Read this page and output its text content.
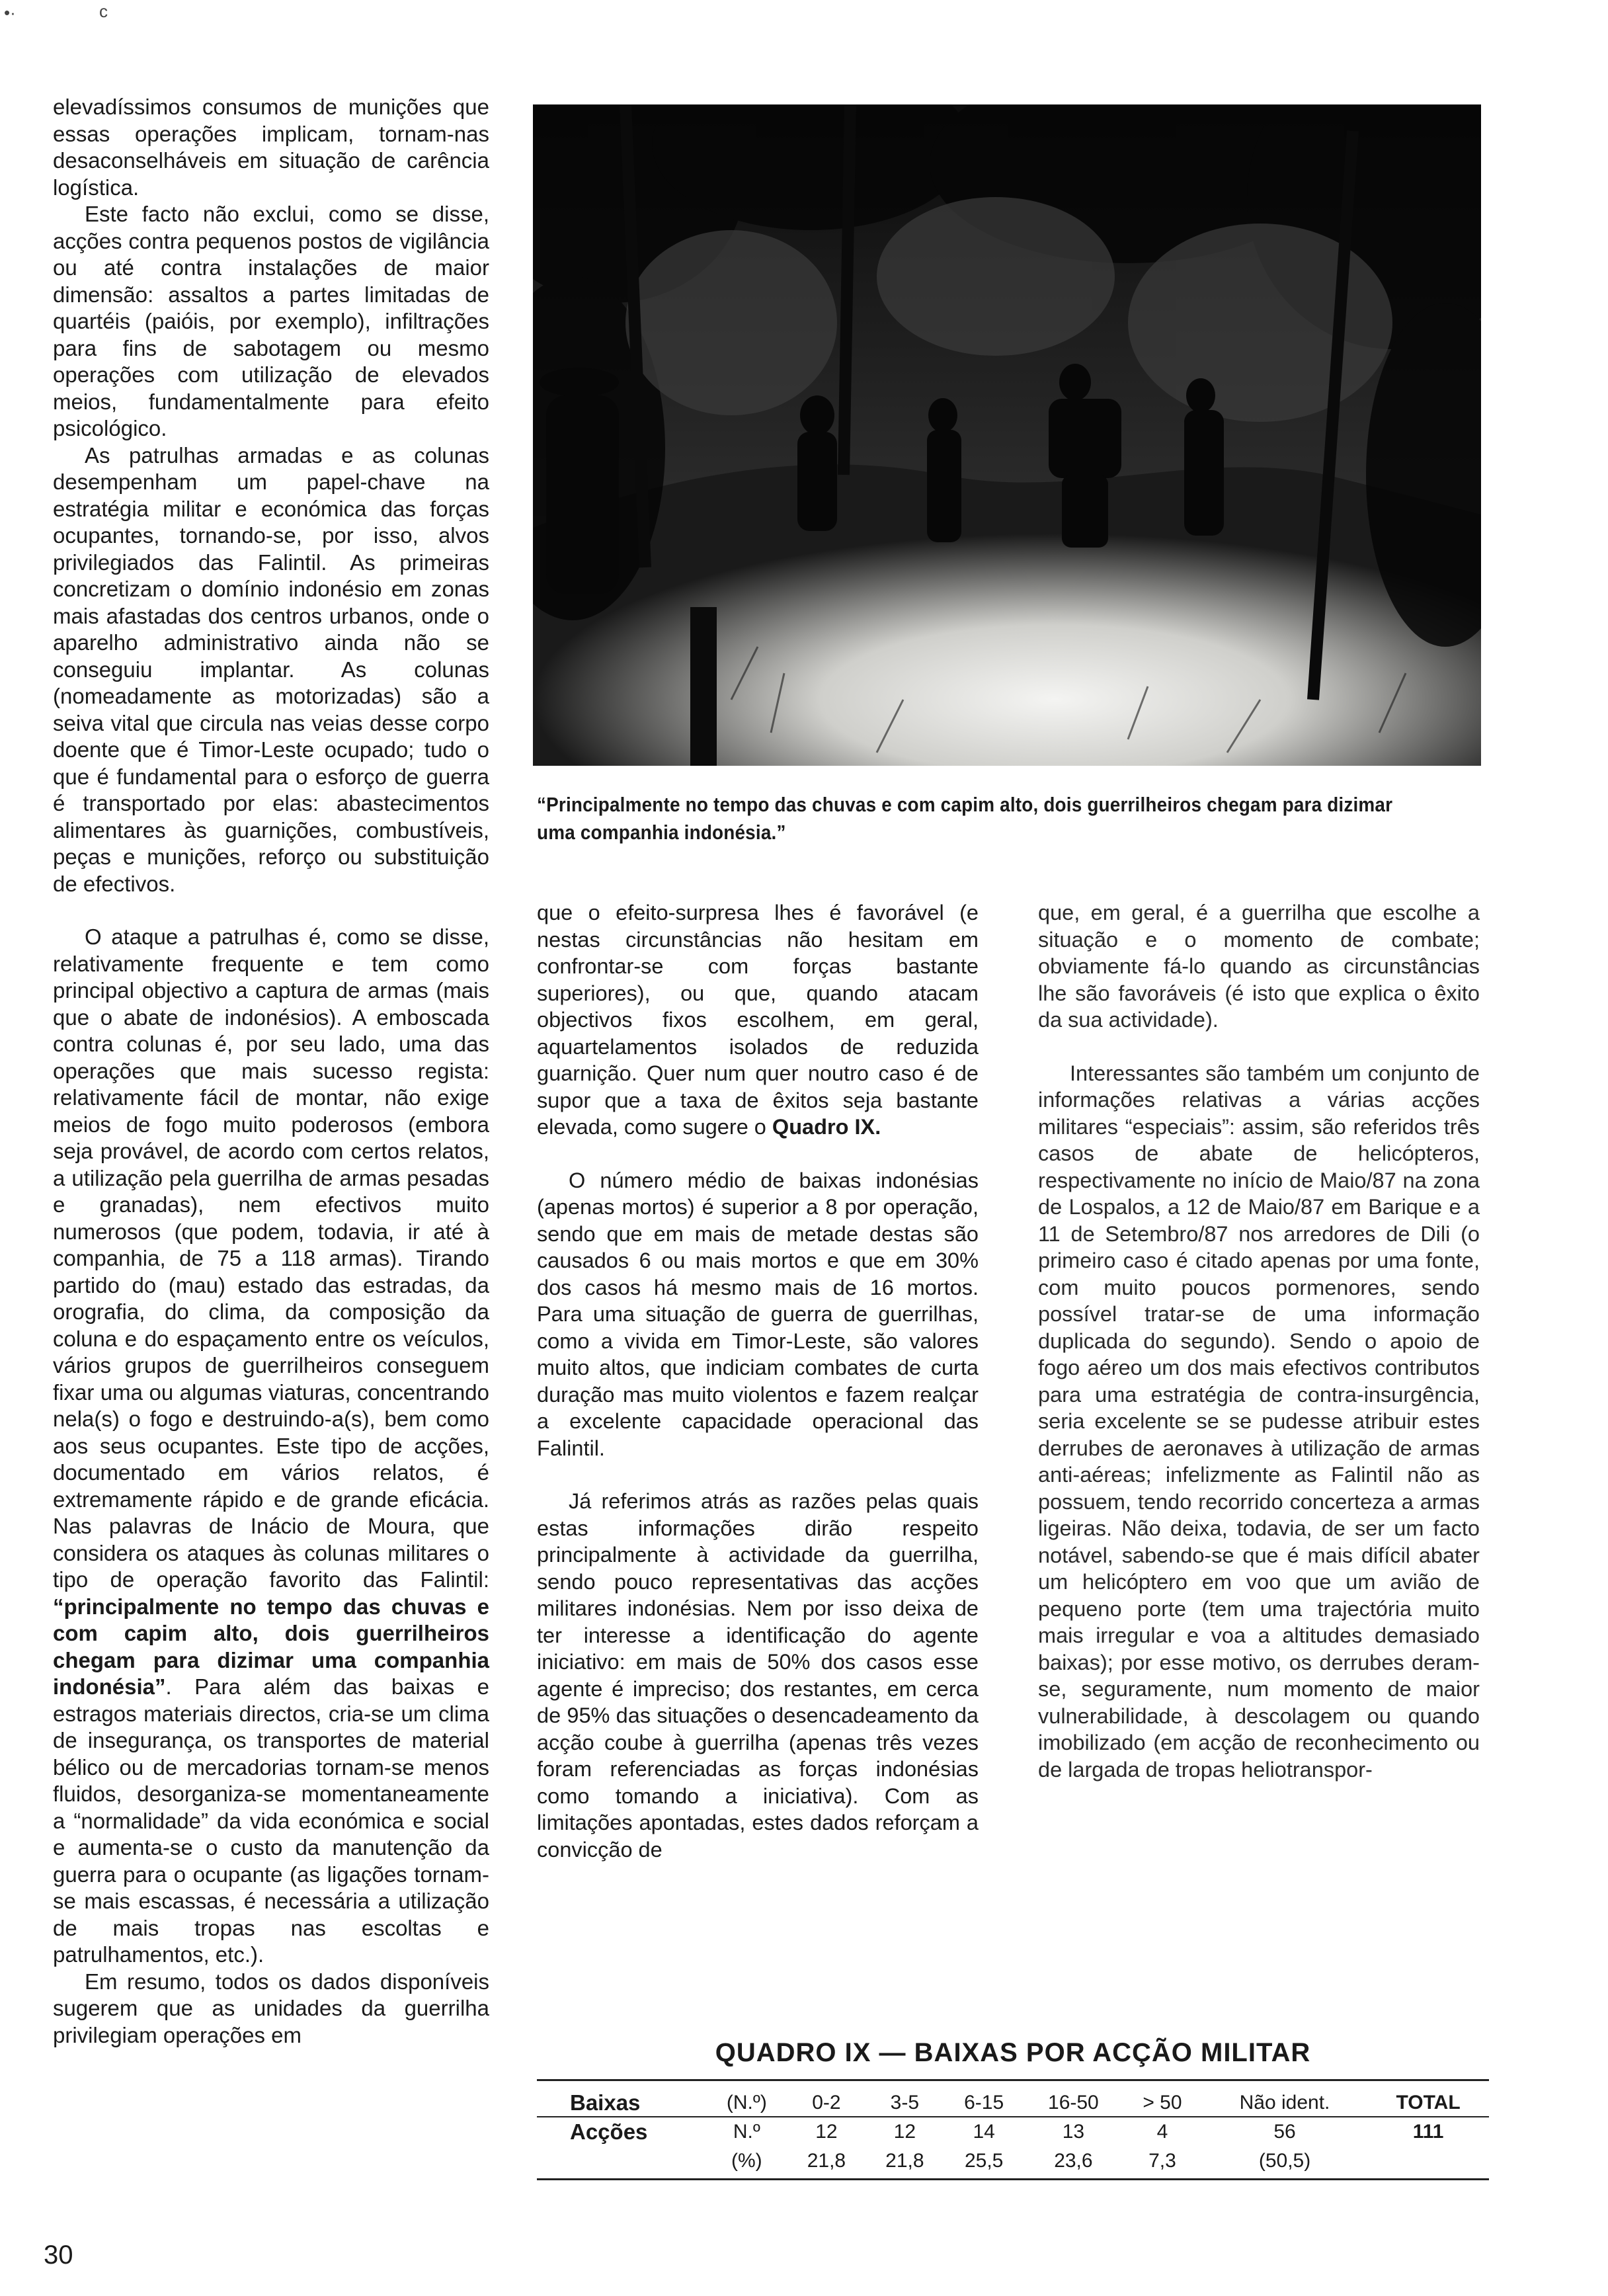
•·	c

elevadíssimos consumos de munições que essas operações implicam, tornam-nas desaconselháveis em situação de carência logística.

Este facto não exclui, como se disse, acções contra pequenos postos de vigilância ou até contra instalações de maior dimensão: assaltos a partes limitadas de quartéis (paióis, por exemplo), infiltrações para fins de sabotagem ou mesmo operações com utilização de elevados meios, fundamentalmente para efeito psicológico.

As patrulhas armadas e as colunas desempenham um papel-chave na estratégia militar e económica das forças ocupantes, tornando-se, por isso, alvos privilegiados das Falintil. As primeiras concretizam o domínio indonésio em zonas mais afastadas dos centros urbanos, onde o aparelho administrativo ainda não se conseguiu implantar. As colunas (nomeadamente as motorizadas) são a seiva vital que circula nas veias desse corpo doente que é Timor-Leste ocupado; tudo o que é fundamental para o esforço de guerra é transportado por elas: abastecimentos alimentares às guarnições, combustíveis, peças e munições, reforço ou substituição de efectivos.

O ataque a patrulhas é, como se disse, relativamente frequente e tem como principal objectivo a captura de armas (mais que o abate de indonésios). A emboscada contra colunas é, por seu lado, uma das operações que mais sucesso regista: relativamente fácil de montar, não exige meios de fogo muito poderosos (embora seja provável, de acordo com certos relatos, a utilização pela guerrilha de armas pesadas e granadas), nem efectivos muito numerosos (que podem, todavia, ir até à companhia, de 75 a 118 armas). Tirando partido do (mau) estado das estradas, da orografia, do clima, da composição da coluna e do espaçamento entre os veículos, vários grupos de guerrilheiros conseguem fixar uma ou algumas viaturas, concentrando nela(s) o fogo e destruindo-a(s), bem como aos seus ocupantes. Este tipo de acções, documentado em vários relatos, é extremamente rápido e de grande eficácia. Nas palavras de Inácio de Moura, que considera os ataques às colunas militares o tipo de operação favorito das Falintil: “principalmente no tempo das chuvas e com capim alto, dois guerrilheiros chegam para dizimar uma companhia indonésia”. Para além das baixas e estragos materiais directos, cria-se um clima de insegurança, os transportes de material bélico ou de mercadorias tornam-se menos fluidos, desorganiza-se momentaneamente a “normalidade” da vida económica e social e aumenta-se o custo da manutenção da guerra para o ocupante (as ligações tornam-se mais escassas, é necessária a utilização de mais tropas nas escoltas e patrulhamentos, etc.).

Em resumo, todos os dados disponíveis sugerem que as unidades da guerrilha privilegiam operações em

“Principalmente no tempo das chuvas e com capim alto, dois guerrilheiros chegam para dizimar uma companhia indonésia.”

que o efeito-surpresa lhes é favorável (e nestas circunstâncias não hesitam em confrontar-se com forças bastante superiores), ou que, quando atacam objectivos fixos escolhem, em geral, aquartelamentos isolados de reduzida guarnição. Quer num quer noutro caso é de supor que a taxa de êxitos seja bastante elevada, como sugere o Quadro IX.

O número médio de baixas indonésias (apenas mortos) é superior a 8 por operação, sendo que em mais de metade destas são causados 6 ou mais mortos e que em 30% dos casos há mesmo mais de 16 mortos. Para uma situação de guerra de guerrilhas, como a vivida em Timor-Leste, são valores muito altos, que indiciam combates de curta duração mas muito violentos e fazem realçar a excelente capacidade operacional das Falintil.

Já referimos atrás as razões pelas quais estas informações dirão respeito principalmente à actividade da guerrilha, sendo pouco representativas das acções militares indonésias. Nem por isso deixa de ter interesse a identificação do agente iniciativo: em mais de 50% dos casos esse agente é impreciso; dos restantes, em cerca de 95% das situações o desencadeamento da acção coube à guerrilha (apenas três vezes foram referenciadas as forças indonésias como tomando a iniciativa). Com as limitações apontadas, estes dados reforçam a convicção de

que, em geral, é a guerrilha que escolhe a situação e o momento de combate; obviamente fá-lo quando as circunstâncias lhe são favoráveis (é isto que explica o êxito da sua actividade).

Interessantes são também um conjunto de informações relativas a várias acções militares “especiais”: assim, são referidos três casos de abate de helicópteros, respectivamente no início de Maio/87 na zona de Lospalos, a 12 de Maio/87 em Barique e a 11 de Setembro/87 nos arredores de Dili (o primeiro caso é citado apenas por uma fonte, com muito poucos pormenores, sendo possível tratar-se de uma informação duplicada do segundo). Sendo o apoio de fogo aéreo um dos mais efectivos contributos para uma estratégia de contra-insurgência, seria excelente se se pudesse atribuir estes derrubes de aeronaves à utilização de armas anti-aéreas; infelizmente as Falintil não as possuem, tendo recorrido concerteza a armas ligeiras. Não deixa, todavia, de ser um facto notável, sabendo-se que é mais difícil abater um helicóptero em voo que um avião de pequeno porte (tem uma trajectória muito mais irregular e voa a altitudes demasiado baixas); por esse motivo, os derrubes deram-se, seguramente, num momento de maior vulnerabilidade, à descolagem ou quando imobilizado (em acção de reconhecimento ou de largada de tropas heliotranspor-

QUADRO IX — BAIXAS POR ACÇÃO MILITAR
Baixas	(N.º)	0-2	3-5	6-15	16-50	> 50	Não ident.	TOTAL
Acções	N.º	12	12	14	13	4	56	111
	(%)	21,8	21,8	25,5	23,6	7,3	(50,5)	
30
